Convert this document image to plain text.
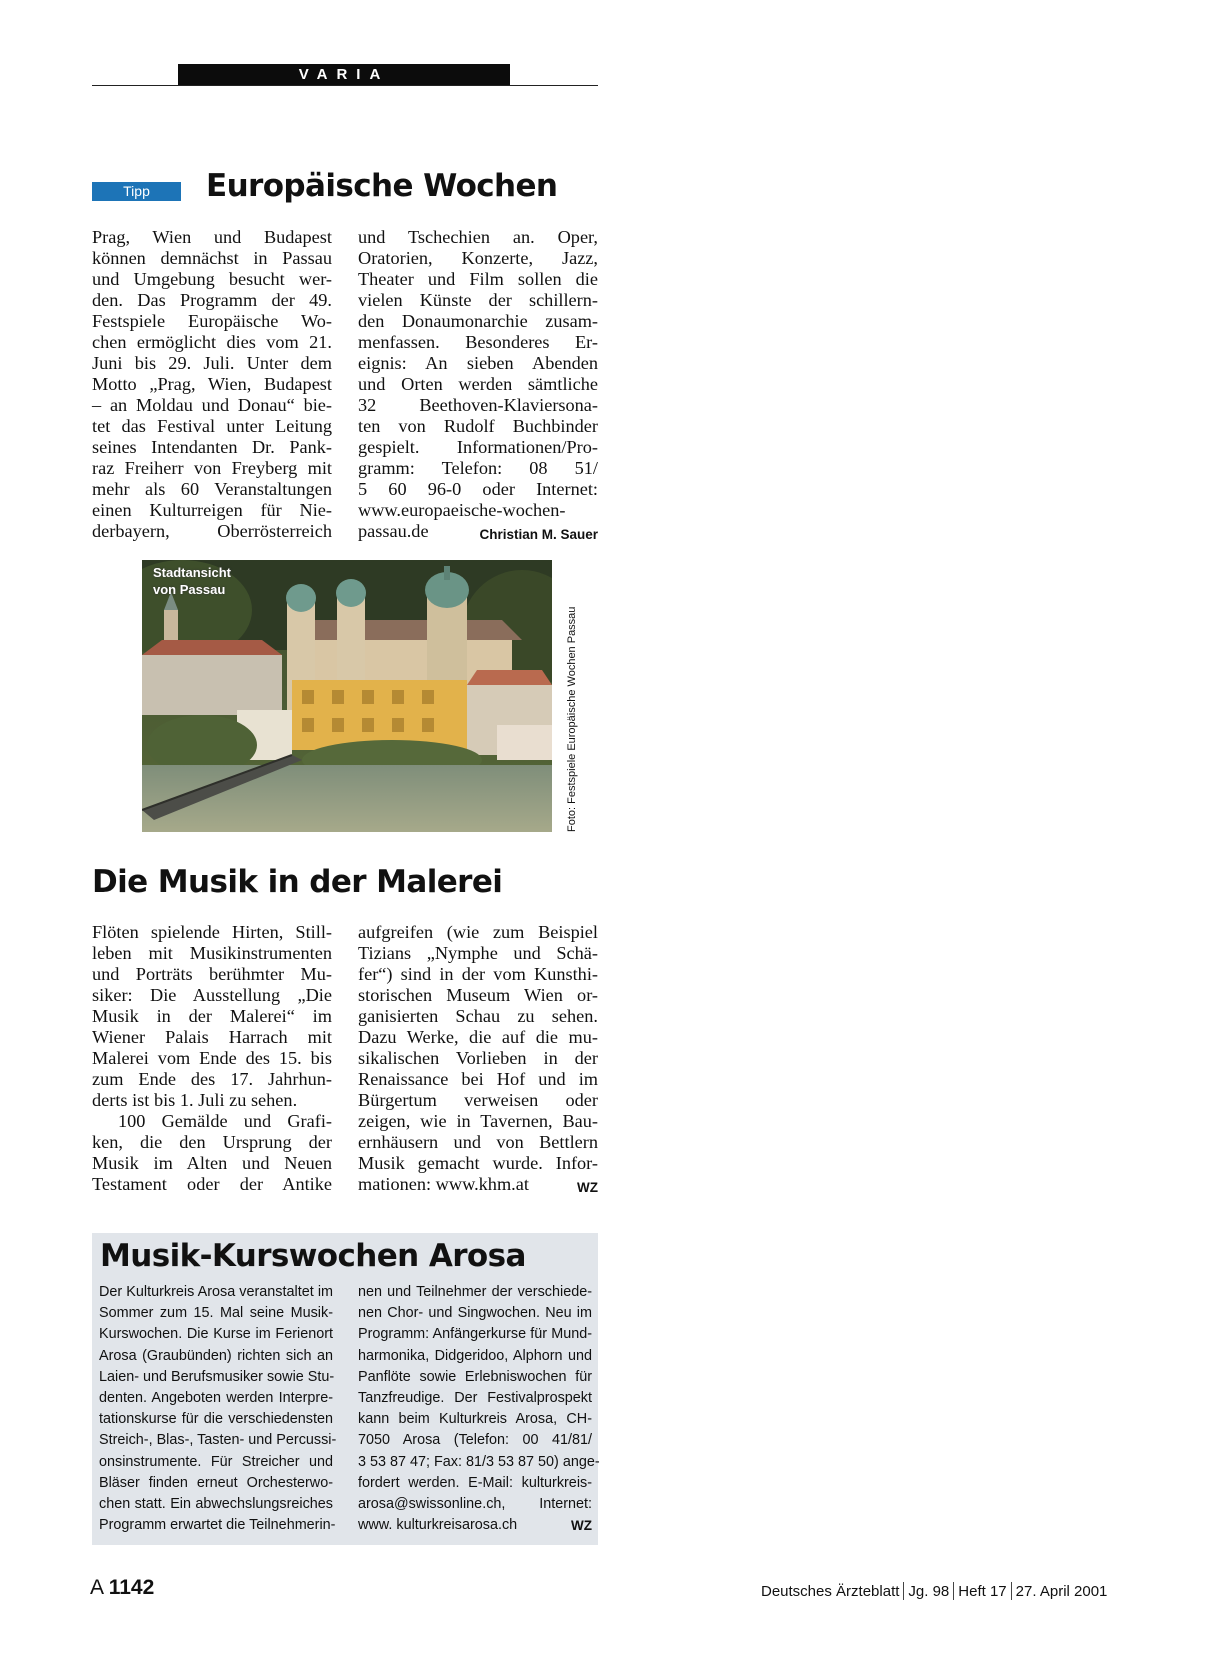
VARIA
Tipp	Europäische Wochen
Prag, Wien und Budapest
können demnächst in Passau
und Umgebung besucht wer-
den. Das Programm der 49.
Festspiele Europäische Wo-
chen ermöglicht dies vom 21.
Juni bis 29. Juli. Unter dem
Motto „Prag, Wien, Budapest
– an Moldau und Donau“ bie-
tet das Festival unter Leitung
seines Intendanten Dr. Pank-
raz Freiherr von Freyberg mit
mehr als 60 Veranstaltungen
einen Kulturreigen für Nie-
derbayern, Oberrösterreich
und Tschechien an. Oper,
Oratorien, Konzerte, Jazz,
Theater und Film sollen die
vielen Künste der schillern-
den Donaumonarchie zusam-
menfassen. Besonderes Er-
eignis: An sieben Abenden
und Orten werden sämtliche
32 Beethoven-Klaviersona-
ten von Rudolf Buchbinder
gespielt. Informationen/Pro-
gramm: Telefon: 08 51/
5 60 96-0 oder Internet:
www.europaeische-wochen-
Christian M. Sauer
passau.de
Stadtansicht
von Passau
Foto: Festspiele Europäische Wochen Passau
Die Musik in der Malerei
Flöten spielende Hirten, Still-
leben mit Musikinstrumenten
und Porträts berühmter Mu-
siker: Die Ausstellung „Die
Musik in der Malerei“ im
Wiener Palais Harrach mit
Malerei vom Ende des 15. bis
zum Ende des 17. Jahrhun-
derts ist bis 1. Juli zu sehen.
100 Gemälde und Grafi-
ken, die den Ursprung der
Musik im Alten und Neuen
Testament oder der Antike
aufgreifen (wie zum Beispiel
Tizians „Nymphe und Schä-
fer“) sind in der vom Kunsthi-
storischen Museum Wien or-
ganisierten Schau zu sehen.
Dazu Werke, die auf die mu-
sikalischen Vorlieben in der
Renaissance bei Hof und im
Bürgertum verweisen oder
zeigen, wie in Tavernen, Bau-
ernhäusern und von Bettlern
Musik gemacht wurde. Infor-
WZ
mationen: www.khm.at
Musik-Kurswochen Arosa
Der Kulturkreis Arosa veranstaltet im
Sommer zum 15. Mal seine Musik-
Kurswochen. Die Kurse im Ferienort
Arosa (Graubünden) richten sich an
Laien- und Berufsmusiker sowie Stu-
denten. Angeboten werden Interpre-
tationskurse für die verschiedensten
Streich-, Blas-, Tasten- und Percussi-
onsinstrumente. Für Streicher und
Bläser finden erneut Orchesterwo-
chen statt. Ein abwechslungsreiches
Programm erwartet die Teilnehmerin-
nen und Teilnehmer der verschiede-
nen Chor- und Singwochen. Neu im
Programm: Anfängerkurse für Mund-
harmonika, Didgeridoo, Alphorn und
Panflöte sowie Erlebniswochen für
Tanzfreudige. Der Festivalprospekt
kann beim Kulturkreis Arosa, CH-
7050 Arosa (Telefon: 00 41/81/
3 53 87 47; Fax: 81/3 53 87 50) ange-
fordert werden. E-Mail: kulturkreis-
arosa@swissonline.ch, Internet:
WZ
www. kulturkreisarosa.ch
A 1142	Deutsches Ärzteblatt Jg. 98 Heft 17 27. April 2001
